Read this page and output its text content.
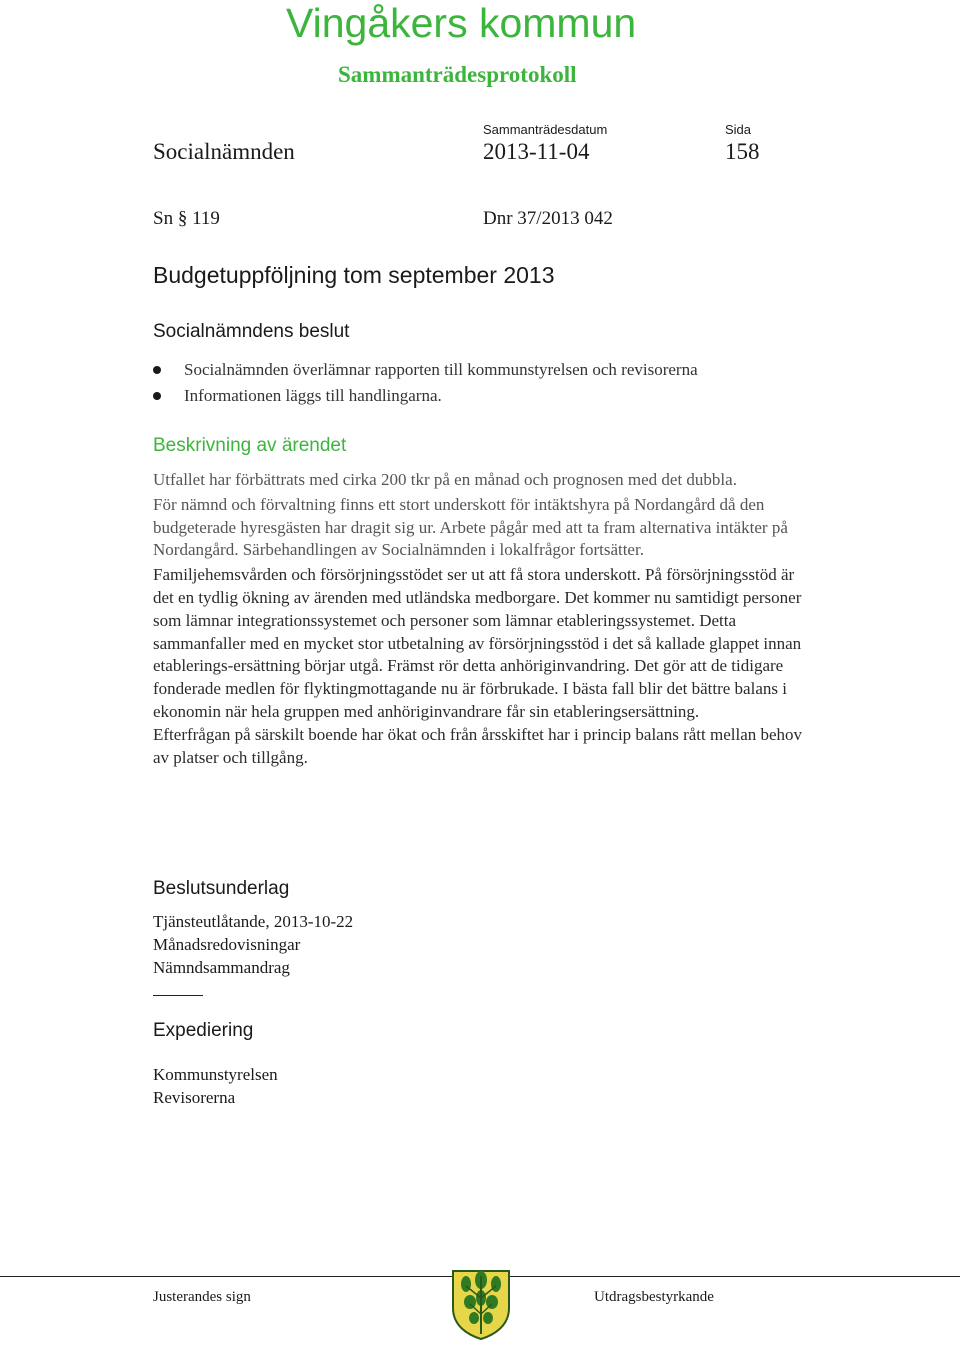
Vingåkers kommun
Sammanträdesprotokoll
Sammanträdesdatum	Sida
Socialnämnden	2013-11-04	158
Sn § 119	Dnr 37/2013 042
Budgetuppföljning tom september 2013
Socialnämndens beslut
Socialnämnden överlämnar rapporten till kommunstyrelsen och revisorerna
Informationen läggs till handlingarna.
Beskrivning av ärendet

Utfallet har förbättrats med cirka 200 tkr på en månad och prognosen med det dubbla.

För nämnd och förvaltning finns ett stort underskott för intäktshyra på Nordangård då den budgeterade hyresgästen har dragit sig ur. Arbete pågår med att ta fram alternativa intäkter på Nordangård. Särbehandlingen av Socialnämnden i lokalfrågor fortsätter.

Familjehemsvården och försörjningsstödet ser ut att få stora underskott. På försörjningsstöd är det en tydlig ökning av ärenden med utländska medborgare. Det kommer nu samtidigt personer som lämnar integrationssystemet och personer som lämnar etableringssystemet. Detta sammanfaller med en mycket stor utbetalning av försörjningsstöd i det så kallade glappet innan etablerings-ersättning börjar utgå. Främst rör detta anhöriginvandring. Det gör att de tidigare fonderade medlen för flyktingmottagande nu är förbrukade. I bästa fall blir det bättre balans i ekonomin när hela gruppen med anhöriginvandrare får sin etableringsersättning.

Efterfrågan på särskilt boende har ökat och från årsskiftet har i princip balans rått mellan behov av platser och tillgång.

Beslutsunderlag
Tjänsteutlåtande, 2013-10-22
Månadsredovisningar
Nämndsammandrag
Expediering
Kommunstyrelsen
Revisorerna
Justerandes sign	Utdragsbestyrkande
